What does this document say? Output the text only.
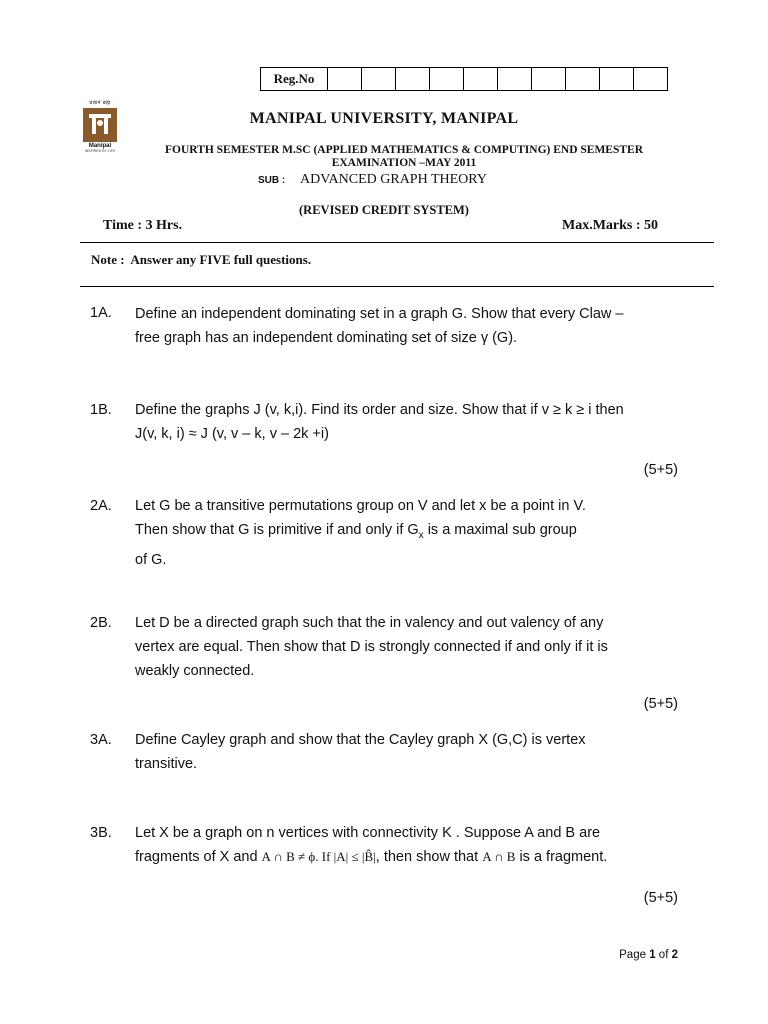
Reg.No
प्रज्ञानं ब्रह्म
Manipal
INSPIRED BY LIFE
MANIPAL UNIVERSITY, MANIPAL
FOURTH SEMESTER M.SC (APPLIED MATHEMATICS & COMPUTING) END SEMESTER
EXAMINATION –MAY 2011
SUB : ADVANCED GRAPH THEORY
(REVISED CREDIT SYSTEM)
Time : 3 Hrs.	Max.Marks : 50
Note : Answer any FIVE full questions.
1A. Define an independent dominating set in a graph G. Show that every Claw –
free graph has an independent dominating set of size γ (G).
1B. Define the graphs J (v, k,i). Find its order and size. Show that if v ≥ k ≥ i then
J(v, k, i) ≈ J (v, v – k, v – 2k +i)
(5+5)
2A. Let G be a transitive permutations group on V and let x be a point in V.
Then show that G is primitive if and only if $G_x$ is a maximal sub group
of G.
2B. Let D be a directed graph such that the in valency and out valency of any
vertex are equal. Then show that D is strongly connected if and only if it is
weakly connected.
(5+5)
3A. Define Cayley graph and show that the Cayley graph X (G,C) is vertex
transitive.
3B. Let X be a graph on n vertices with connectivity K . Suppose A and B are
fragments of X and A ∩ B ≠ ϕ. If |A| ≤ |B̂|, then show that A ∩ B is a fragment.
(5+5)
Page 1 of 2
